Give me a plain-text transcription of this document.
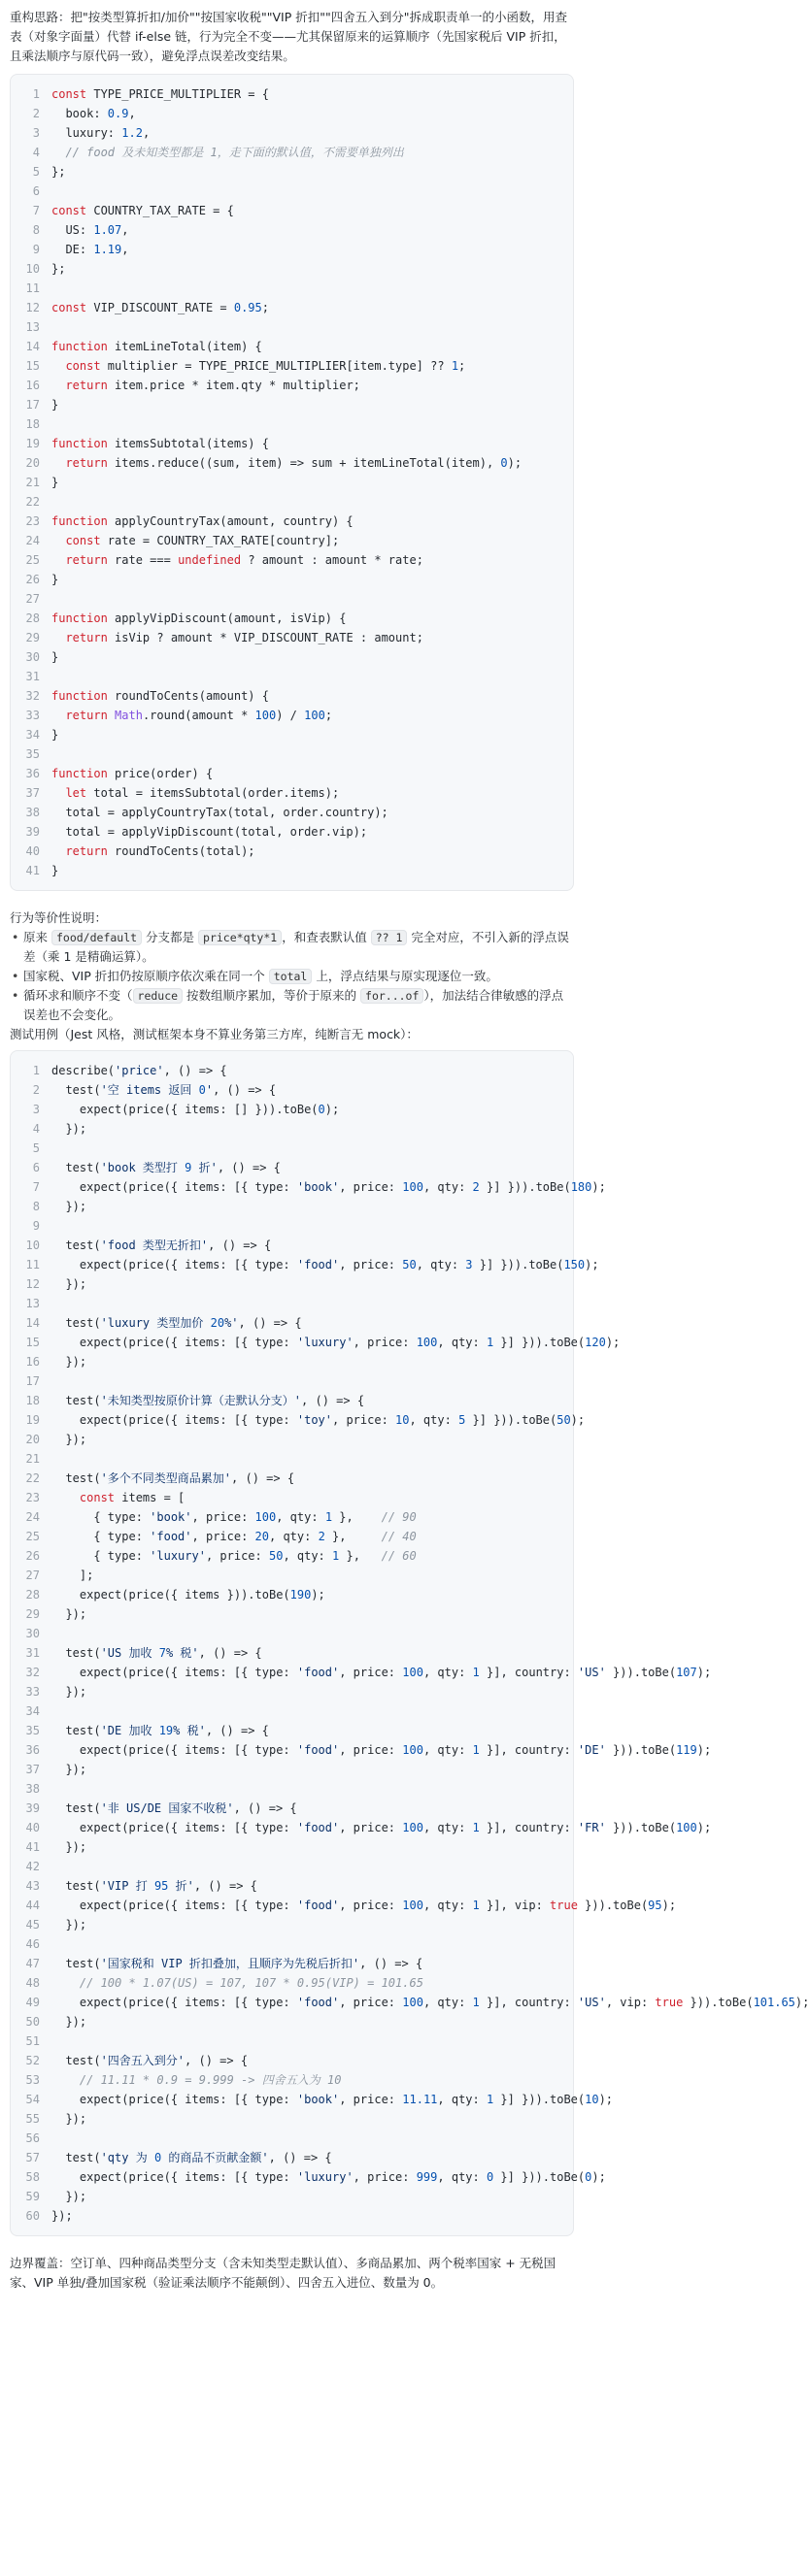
重构思路：把"按类型算折扣/加价""按国家收税""VIP 折扣""四舍五入到分"拆成职责单一的小函数，用查表（对象字面量）代替 if-else 链，行为完全不变——尤其保留原来的运算顺序（先国家税后 VIP 折扣，且乘法顺序与原代码一致），避免浮点误差改变结果。

1	const TYPE_PRICE_MULTIPLIER = {
2	book: 0.9,
3	luxury: 1.2,
4	// food 及未知类型都是 1，走下面的默认值，不需要单独列出
5	};
6
7	const COUNTRY_TAX_RATE = {
8	US: 1.07,
9	DE: 1.19,
10	};
11
12	const VIP_DISCOUNT_RATE = 0.95;
13
14	function itemLineTotal(item) {
15	const multiplier = TYPE_PRICE_MULTIPLIER[item.type] ?? 1;
16	return item.price * item.qty * multiplier;
17	}
18
19	function itemsSubtotal(items) {
20	return items.reduce((sum, item) => sum + itemLineTotal(item), 0);
21	}
22
23	function applyCountryTax(amount, country) {
24	const rate = COUNTRY_TAX_RATE[country];
25	return rate === undefined ? amount : amount * rate;
26	}
27
28	function applyVipDiscount(amount, isVip) {
29	return isVip ? amount * VIP_DISCOUNT_RATE : amount;
30	}
31
32	function roundToCents(amount) {
33	return Math.round(amount * 100) / 100;
34	}
35
36	function price(order) {
37	let total = itemsSubtotal(order.items);
38	total = applyCountryTax(total, order.country);
39	total = applyVipDiscount(total, order.vip);
40	return roundToCents(total);
41	}

行为等价性说明：

• 原来 food/default 分支都是 price*qty*1 ，和查表默认值 ?? 1 完全对应，不引入新的浮点误差（乘 1 是精确运算）。
• 国家税、VIP 折扣仍按原顺序依次乘在同一个 total 上，浮点结果与原实现逐位一致。
• 循环求和顺序不变（ reduce 按数组顺序累加，等价于原来的 for...of ），加法结合律敏感的浮点误差也不会变化。

测试用例（Jest 风格，测试框架本身不算业务第三方库，纯断言无 mock）：

1	describe('price', () => {
2	test('空 items 返回 0', () => {
3	expect(price({ items: [] })).toBe(0);
4	});
5
6	test('book 类型打 9 折', () => {
7	expect(price({ items: [{ type: 'book', price: 100, qty: 2 }] })).toBe(180);
8	});
9
10	test('food 类型无折扣', () => {
11	expect(price({ items: [{ type: 'food', price: 50, qty: 3 }] })).toBe(150);
12	});
13
14	test('luxury 类型加价 20%', () => {
15	expect(price({ items: [{ type: 'luxury', price: 100, qty: 1 }] })).toBe(120);
16	});
17
18	test('未知类型按原价计算（走默认分支）', () => {
19	expect(price({ items: [{ type: 'toy', price: 10, qty: 5 }] })).toBe(50);
20	});
21
22	test('多个不同类型商品累加', () => {
23	const items = [
24	{ type: 'book', price: 100, qty: 1 },    // 90
25	{ type: 'food', price: 20, qty: 2 },     // 40
26	{ type: 'luxury', price: 50, qty: 1 },   // 60
27	];
28	expect(price({ items })).toBe(190);
29	});
30
31	test('US 加收 7% 税', () => {
32	expect(price({ items: [{ type: 'food', price: 100, qty: 1 }], country: 'US' })).toBe(107);
33	});
34
35	test('DE 加收 19% 税', () => {
36	expect(price({ items: [{ type: 'food', price: 100, qty: 1 }], country: 'DE' })).toBe(119);
37	});
38
39	test('非 US/DE 国家不收税', () => {
40	expect(price({ items: [{ type: 'food', price: 100, qty: 1 }], country: 'FR' })).toBe(100);
41	});
42
43	test('VIP 打 95 折', () => {
44	expect(price({ items: [{ type: 'food', price: 100, qty: 1 }], vip: true })).toBe(95);
45	});
46
47	test('国家税和 VIP 折扣叠加，且顺序为先税后折扣', () => {
48	// 100 * 1.07(US) = 107, 107 * 0.95(VIP) = 101.65
49	expect(price({ items: [{ type: 'food', price: 100, qty: 1 }], country: 'US', vip: true })).toBe(101.65);
50	});
51
52	test('四舍五入到分', () => {
53	// 11.11 * 0.9 = 9.999 -> 四舍五入为 10
54	expect(price({ items: [{ type: 'book', price: 11.11, qty: 1 }] })).toBe(10);
55	});
56
57	test('qty 为 0 的商品不贡献金额', () => {
58	expect(price({ items: [{ type: 'luxury', price: 999, qty: 0 }] })).toBe(0);
59	});
60	});

边界覆盖：空订单、四种商品类型分支（含未知类型走默认值）、多商品累加、两个税率国家 + 无税国家、VIP 单独/叠加国家税（验证乘法顺序不能颠倒）、四舍五入进位、数量为 0。
